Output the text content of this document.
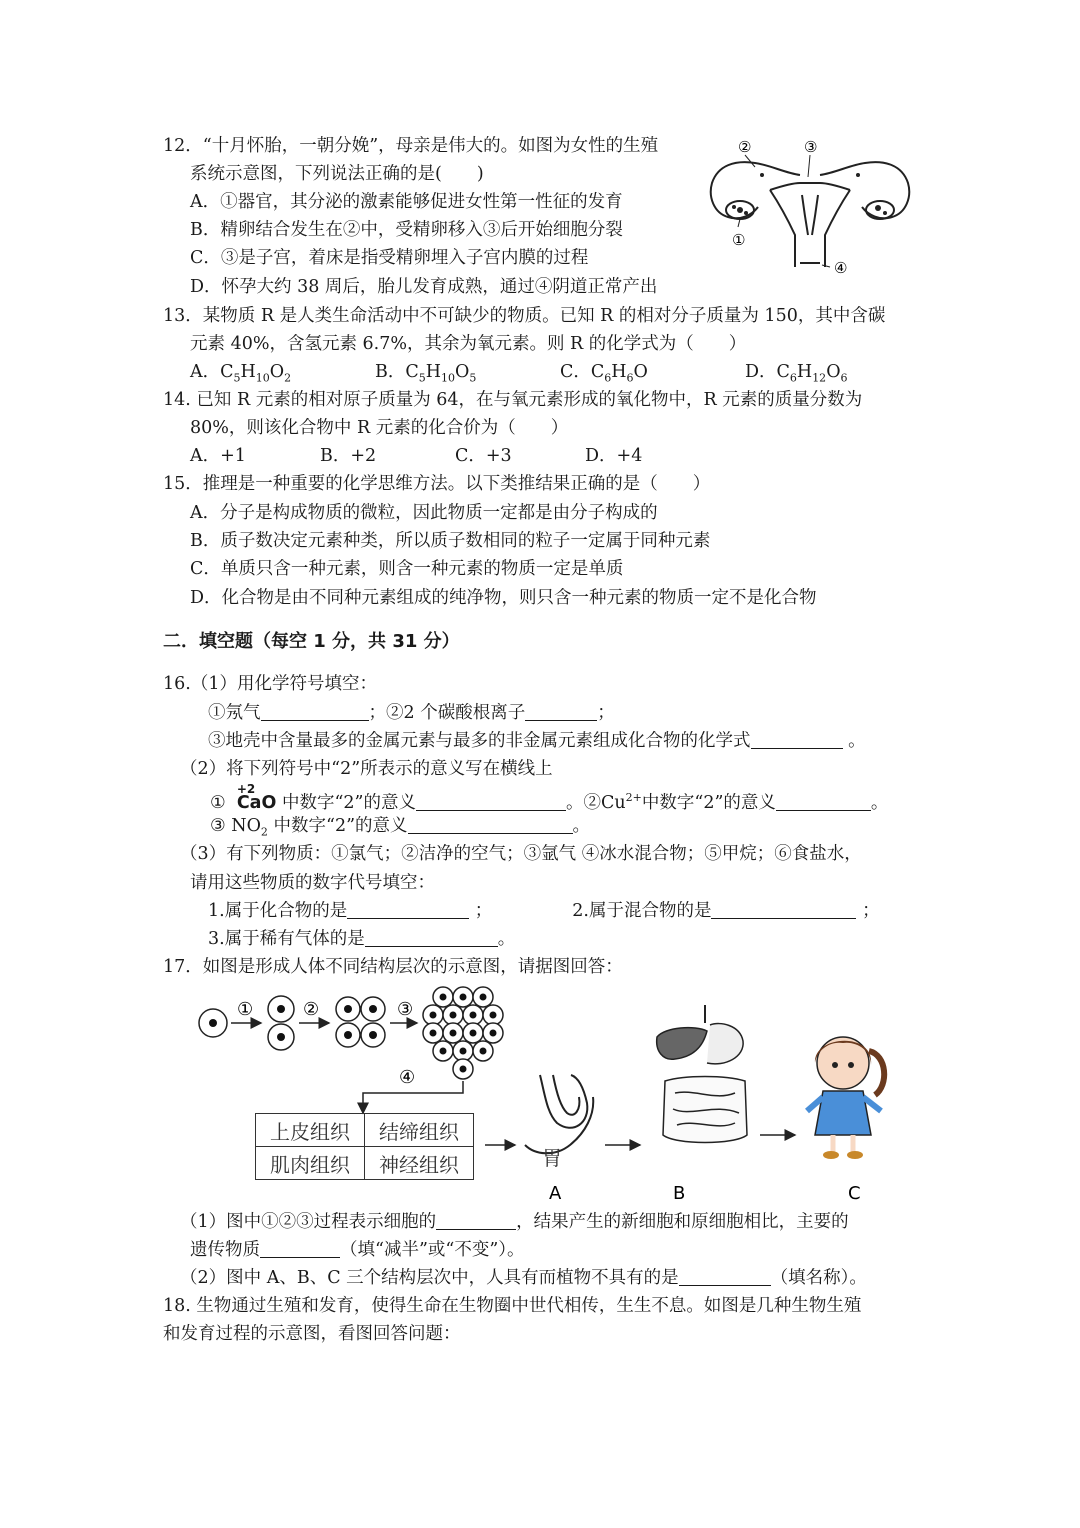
12．“十月怀胎，一朝分娩”，母亲是伟大的。如图为女性的生殖
系统示意图，下列说法正确的是(　　)
A．①器官，其分泌的激素能够促进女性第一性征的发育
B．精卵结合发生在②中，受精卵移入③后开始细胞分裂
C．③是子宫，着床是指受精卵埋入子宫内膜的过程
D．怀孕大约 38 周后，胎儿发育成熟，通过④阴道正常产出
②	③
①
④
13．某物质 R 是人类生命活动中不可缺少的物质。已知 R 的相对分子质量为 150，其中含碳
元素 40%，含氢元素 6.7%，其余为氧元素。则 R 的化学式为（　　）
A．$C_5H_{10}O_2$	B．$C_5H_{10}O_5$	C．$C_6H_6O$	D．$C_6H_{12}O_6$
14. 已知 R 元素的相对原子质量为 64，在与氧元素形成的氧化物中，R 元素的质量分数为
80%，则该化合物中 R 元素的化合价为（　　）
A．+1	B．+2	C．+3	D．+4
15．推理是一种重要的化学思维方法。以下类推结果正确的是（　　）
A．分子是构成物质的微粒，因此物质一定都是由分子构成的
B．质子数决定元素种类，所以质子数相同的粒子一定属于同种元素
C．单质只含一种元素，则含一种元素的物质一定是单质
D．化合物是由不同种元素组成的纯净物，则只含一种元素的物质一定不是化合物
二．填空题（每空 1 分，共 31 分）
16.（1）用化学符号填空：
①氖气	；②2 个碳酸根离子	；
③地壳中含量最多的金属元素与最多的非金属元素组成化合物的化学式	。
（2）将下列符号中“2”所表示的意义写在横线上
①
+2
CaO 中数字“2”的意义	。$②Cu^{2+}$中数字“2”的意义	。
③ $NO_2$ 中数字“2”的意义	。
（3）有下列物质：①氯气；②洁净的空气；③氩气 ④冰水混合物；⑤甲烷；⑥食盐水，
请用这些物质的数字代号填空：
1.属于化合物的是	；	2.属于混合物的是	；
3.属于稀有气体的是	。
17．如图是形成人体不同结构层次的示意图，请据图回答：
①	②	③
④
胃
A	B	C
上皮组织	结缔组织
肌肉组织	神经组织
（1）图中①②③过程表示细胞的	，结果产生的新细胞和原细胞相比，主要的
遗传物质	（填“减半”或“不变”）。
（2）图中 A、B、C 三个结构层次中，人具有而植物不具有的是	（填名称）。
18. 生物通过生殖和发育，使得生命在生物圈中世代相传，生生不息。如图是几种生物生殖
和发育过程的示意图，看图回答问题：
